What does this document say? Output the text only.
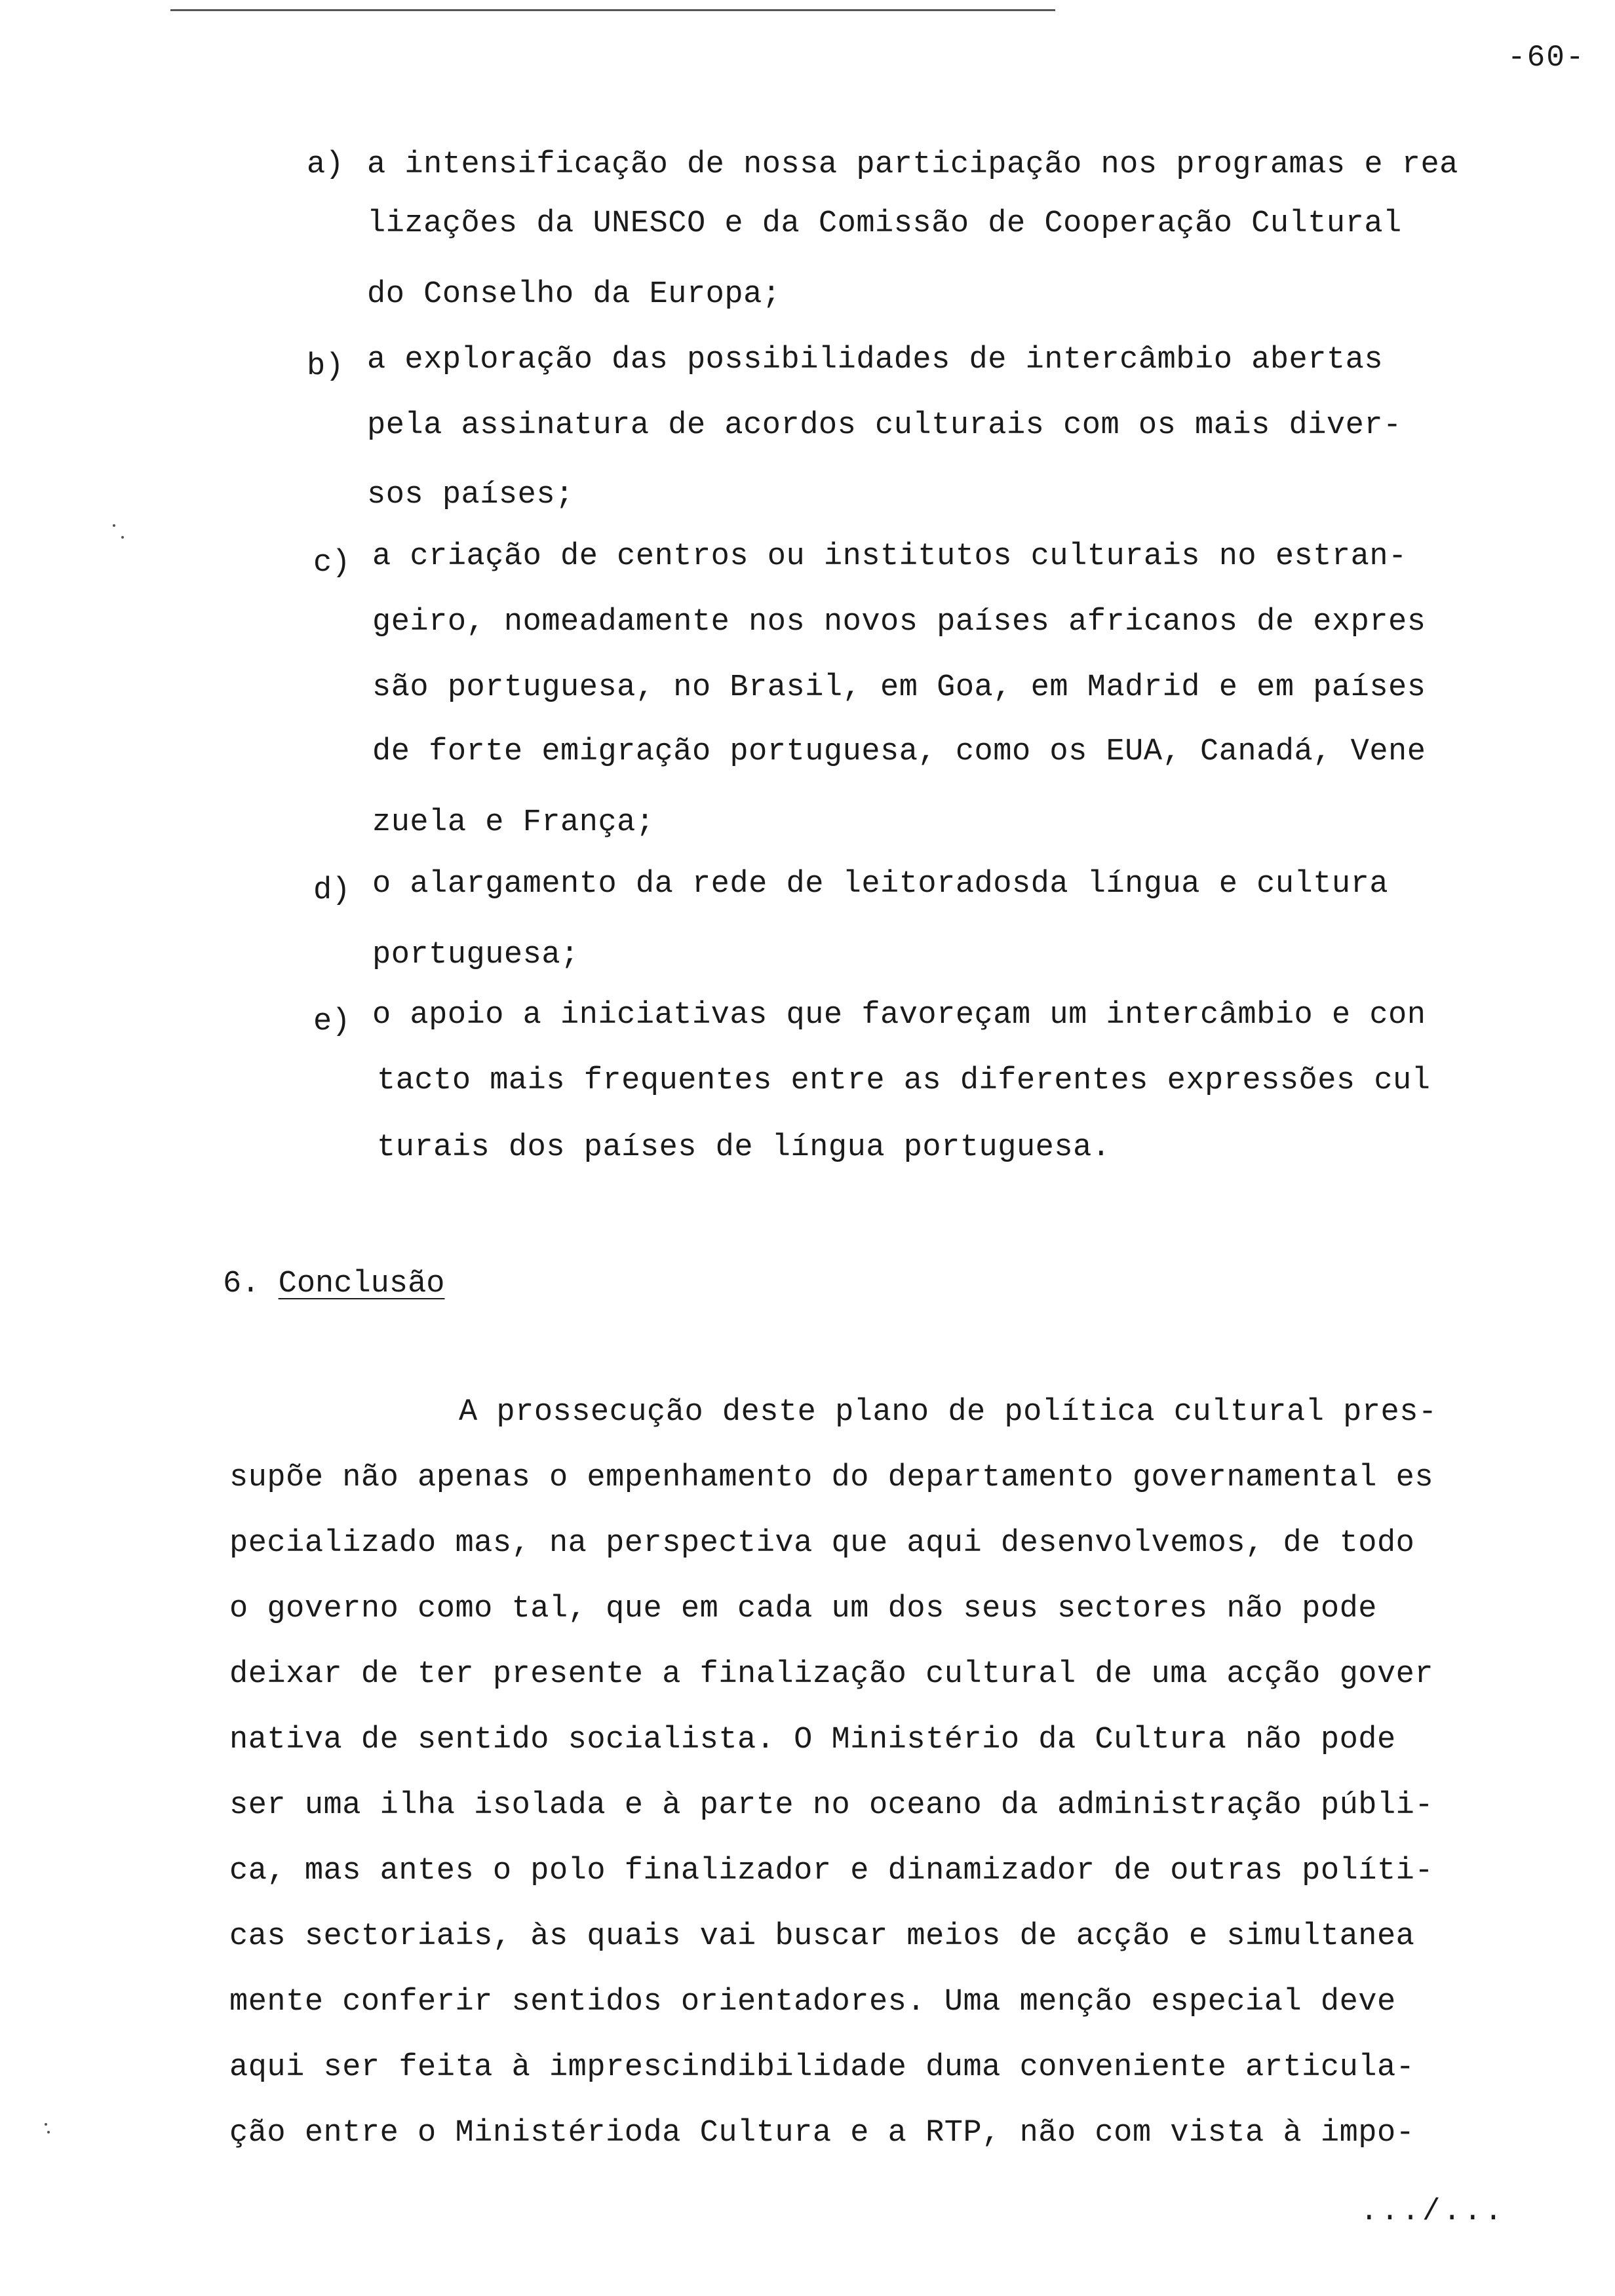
-60-
a) a intensificação de nossa participação nos programas e rea
lizações da UNESCO e da Comissão de Cooperação Cultural
do Conselho da Europa;
b) a exploração das possibilidades de intercâmbio abertas
pela assinatura de acordos culturais com os mais diver-
sos países;
c) a criação de centros ou institutos culturais no estran-
geiro, nomeadamente nos novos países africanos de expres
são portuguesa, no Brasil, em Goa, em Madrid e em países
de forte emigração portuguesa, como os EUA, Canadá, Vene
zuela e França;
d) o alargamento da rede de leitoradosda língua e cultura
portuguesa;
e) o apoio a iniciativas que favoreçam um intercâmbio e con
tacto mais frequentes entre as diferentes expressões cul
turais dos países de língua portuguesa.
6. Conclusão
A prossecução deste plano de política cultural pres-
supõe não apenas o empenhamento do departamento governamental es
pecializado mas, na perspectiva que aqui desenvolvemos, de todo
o governo como tal, que em cada um dos seus sectores não pode
deixar de ter presente a finalização cultural de uma acção gover
nativa de sentido socialista. O Ministério da Cultura não pode
ser uma ilha isolada e à parte no oceano da administração públi-
ca, mas antes o polo finalizador e dinamizador de outras políti-
cas sectoriais, às quais vai buscar meios de acção e simultanea
mente conferir sentidos orientadores. Uma menção especial deve
aqui ser feita à imprescindibilidade duma conveniente articula-
ção entre o Ministérioda Cultura e a RTP, não com vista à impo-
.../...
